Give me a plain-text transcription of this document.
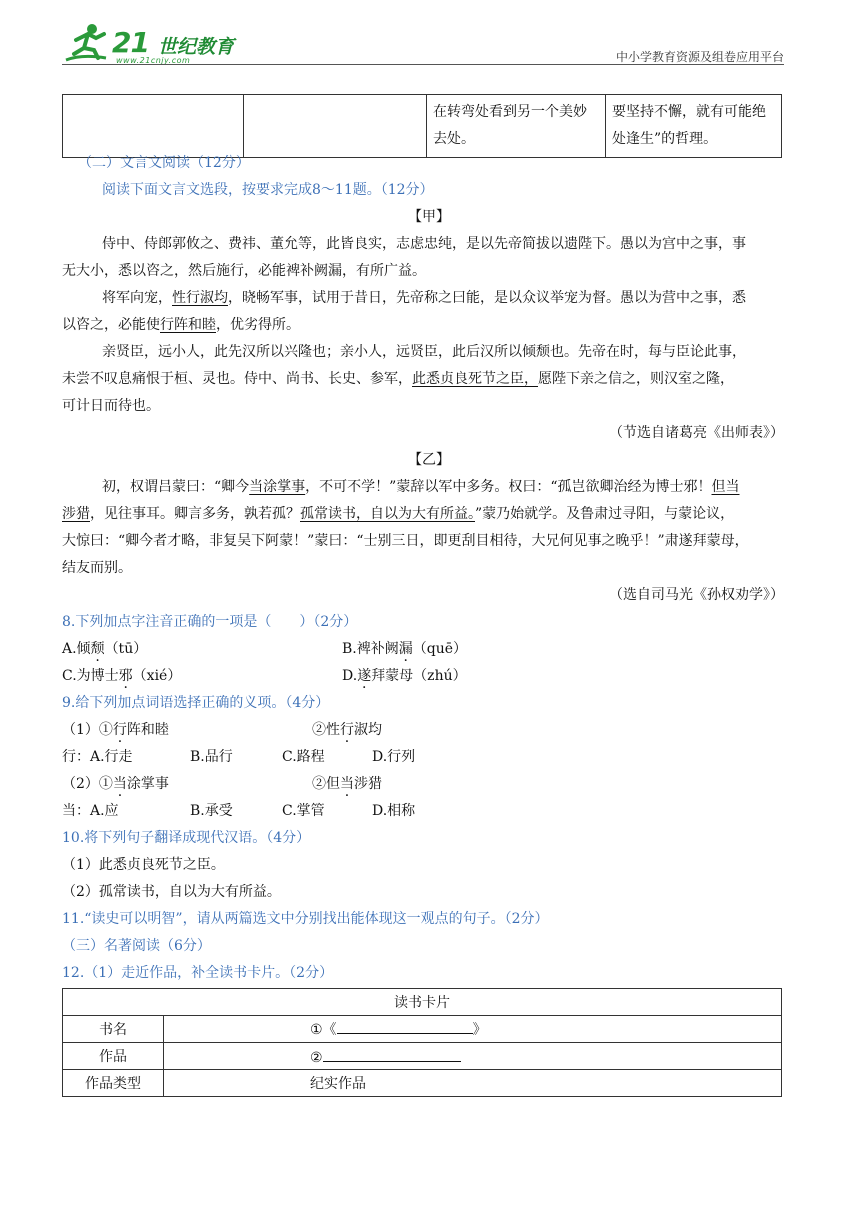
21 世纪教育
www.21cnjy.com	中小学教育资源及组卷应用平台
		在转弯处看到另一个美妙去处。	要坚持不懈，就有可能绝处逢生”的哲理。
（二）文言文阅读（12分）
阅读下面文言文选段，按要求完成8～11题。（12分）
【甲】
侍中、侍郎郭攸之、费祎、董允等，此皆良实，志虑忠纯，是以先帝简拔以遗陛下。愚以为宫中之事，事
无大小，悉以咨之，然后施行，必能裨补阙漏，有所广益。
将军向宠，性行淑均，晓畅军事，试用于昔日，先帝称之曰能，是以众议举宠为督。愚以为营中之事，悉
以咨之，必能使行阵和睦，优劣得所。
亲贤臣，远小人，此先汉所以兴隆也；亲小人，远贤臣，此后汉所以倾颓也。先帝在时，每与臣论此事，
未尝不叹息痛恨于桓、灵也。侍中、尚书、长史、参军，此悉贞良死节之臣，愿陛下亲之信之，则汉室之隆，
可计日而待也。
（节选自诸葛亮《出师表》）
【乙】
初，权谓吕蒙曰：“卿今当涂掌事，不可不学！”蒙辞以军中多务。权曰：“孤岂欲卿治经为博士邪！但当
涉猎，见往事耳。卿言多务，孰若孤？孤常读书，自以为大有所益。”蒙乃始就学。及鲁肃过寻阳，与蒙论议，
大惊曰：“卿今者才略，非复吴下阿蒙！”蒙曰：“士别三日，即更刮目相待，大兄何见事之晚乎！”肃遂拜蒙母，
结友而别。
（选自司马光《孙权劝学》）
8.下列加点字注音正确的一项是（　　）（2分）
A.倾颓（tū）	B.裨补阙漏（quē）
C.为博士邪（xié）	D.遂拜蒙母（zhú）
9.给下列加点词语选择正确的义项。（4分）
（1）①行阵和睦	②性行淑均
行：A.行走	B.品行	C.路程	D.行列
（2）①当涂掌事	②但当涉猎
当：A.应	B.承受	C.掌管	D.相称
10.将下列句子翻译成现代汉语。（4分）
（1）此悉贞良死节之臣。
（2）孤常读书，自以为大有所益。
11.“读史可以明智”，请从两篇选文中分别找出能体现这一观点的句子。（2分）
（三）名著阅读（6分）
12.（1）走近作品，补全读书卡片。（2分）
读书卡片	
书名	①《 》
作品	②
作品类型	纪实作品
